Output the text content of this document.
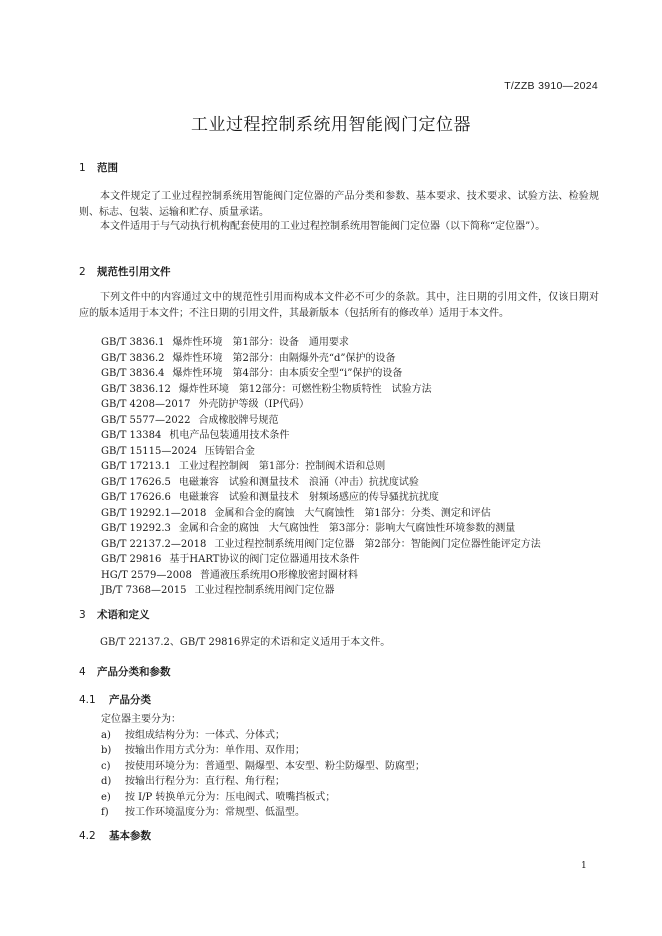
T/ZZB 3910—2024
工业过程控制系统用智能阀门定位器
1 范围
本文件规定了工业过程控制系统用智能阀门定位器的产品分类和参数、基本要求、技术要求、试验方法、检验规则、标志、包装、运输和贮存、质量承诺。
本文件适用于与气动执行机构配套使用的工业过程控制系统用智能阀门定位器（以下简称“定位器”）。
2 规范性引用文件
下列文件中的内容通过文中的规范性引用而构成本文件必不可少的条款。其中，注日期的引用文件，仅该日期对应的版本适用于本文件；不注日期的引用文件，其最新版本（包括所有的修改单）适用于本文件。
GB/T 3836.1 爆炸性环境　第1部分：设备　通用要求
GB/T 3836.2 爆炸性环境　第2部分：由隔爆外壳“d”保护的设备
GB/T 3836.4 爆炸性环境　第4部分：由本质安全型“i”保护的设备
GB/T 3836.12 爆炸性环境　第12部分：可燃性粉尘物质特性　试验方法
GB/T 4208—2017 外壳防护等级（IP代码）
GB/T 5577—2022 合成橡胶牌号规范
GB/T 13384 机电产品包装通用技术条件
GB/T 15115—2024 压铸铝合金
GB/T 17213.1 工业过程控制阀　第1部分：控制阀术语和总则
GB/T 17626.5 电磁兼容　试验和测量技术　浪涌（冲击）抗扰度试验
GB/T 17626.6 电磁兼容　试验和测量技术　射频场感应的传导骚扰抗扰度
GB/T 19292.1—2018 金属和合金的腐蚀　大气腐蚀性　第1部分：分类、测定和评估
GB/T 19292.3 金属和合金的腐蚀　大气腐蚀性　第3部分：影响大气腐蚀性环境参数的测量
GB/T 22137.2—2018 工业过程控制系统用阀门定位器　第2部分：智能阀门定位器性能评定方法
GB/T 29816 基于HART协议的阀门定位器通用技术条件
HG/T 2579—2008 普通液压系统用O形橡胶密封圈材料
JB/T 7368—2015 工业过程控制系统用阀门定位器
3 术语和定义
GB/T 22137.2、GB/T 29816界定的术语和定义适用于本文件。
4 产品分类和参数
4.1 产品分类
定位器主要分为：
a) 按组成结构分为：一体式、分体式；
b) 按输出作用方式分为：单作用、双作用；
c) 按使用环境分为：普通型、隔爆型、本安型、粉尘防爆型、防腐型；
d) 按输出行程分为：直行程、角行程；
e) 按 I/P 转换单元分为：压电阀式、喷嘴挡板式；
f) 按工作环境温度分为：常规型、低温型。
4.2 基本参数
1
